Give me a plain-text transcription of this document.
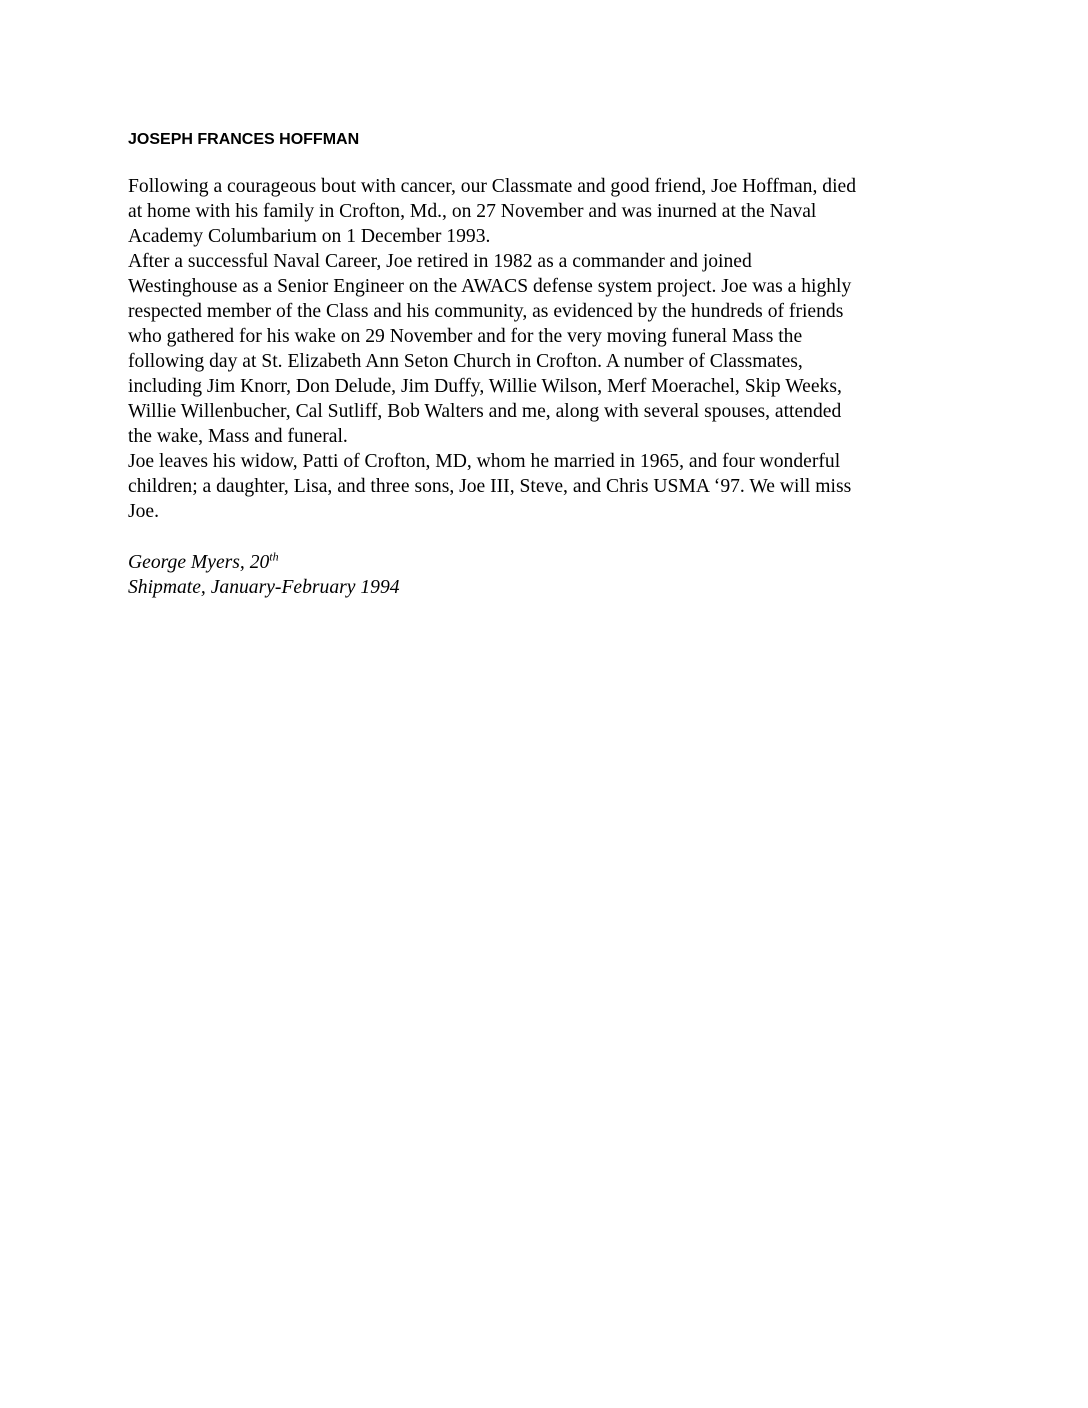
JOSEPH FRANCES HOFFMAN
Following a courageous bout with cancer, our Classmate and good friend, Joe Hoffman, died
at home with his family in Crofton, Md., on 27 November and was inurned at the Naval
Academy Columbarium on 1 December 1993.
After a successful Naval Career, Joe retired in 1982 as a commander and joined
Westinghouse as a Senior Engineer on the AWACS defense system project. Joe was a highly
respected member of the Class and his community, as evidenced by the hundreds of friends
who gathered for his wake on 29 November and for the very moving funeral Mass the
following day at St. Elizabeth Ann Seton Church in Crofton. A number of Classmates,
including Jim Knorr, Don Delude, Jim Duffy, Willie Wilson, Merf Moerachel, Skip Weeks,
Willie Willenbucher, Cal Sutliff, Bob Walters and me, along with several spouses, attended
the wake, Mass and funeral.
Joe leaves his widow, Patti of Crofton, MD, whom he married in 1965, and four wonderful
children; a daughter, Lisa, and three sons, Joe III, Steve, and Chris USMA ‘97. We will miss
Joe.
George Myers, 20th
Shipmate, January-February 1994
